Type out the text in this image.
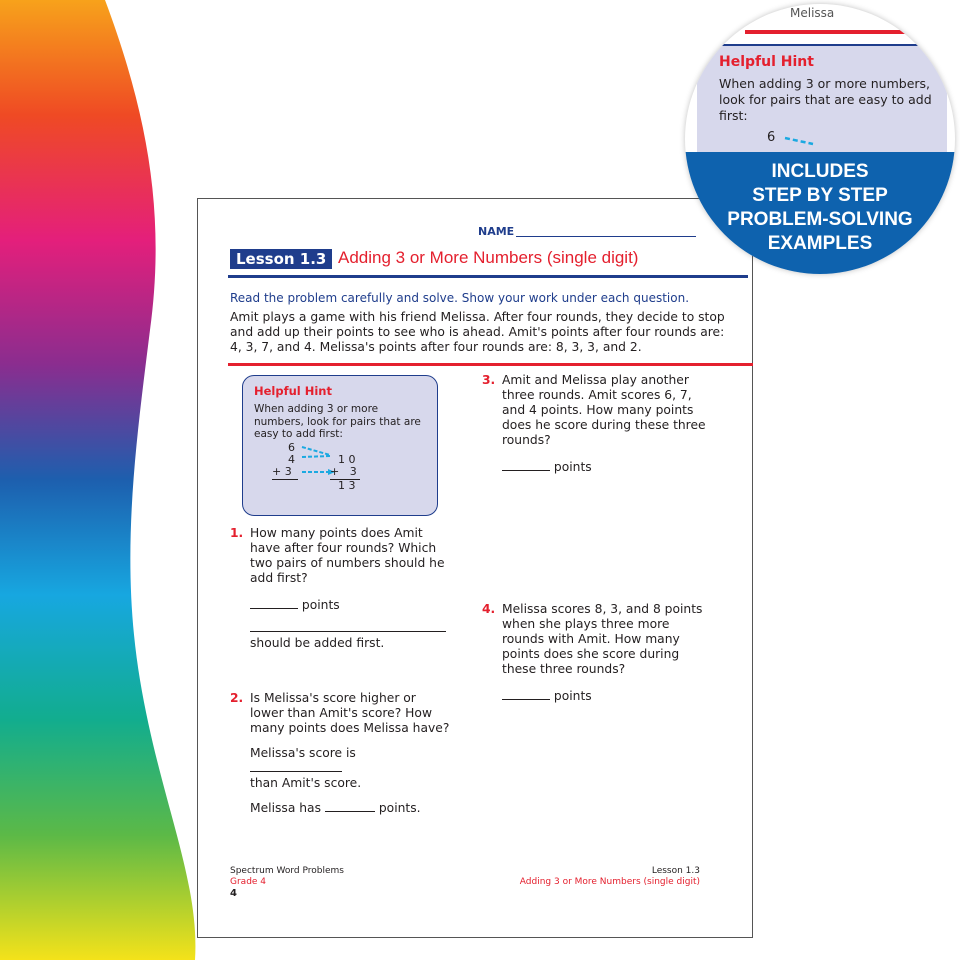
NAME
Lesson 1.3 Adding 3 or More Numbers (single digit)
Read the problem carefully and solve. Show your work under each question.
Amit plays a game with his friend Melissa. After four rounds, they decide to stop and add up their points to see who is ahead. Amit's points after four rounds are: 4, 3, 7, and 4. Melissa's points after four rounds are: 8, 3, 3, and 2.
Helpful Hint

When adding 3 or more numbers, look for pairs that are easy to add first:

6
4
+ 3
1 0
+   3
1 3
1. How many points does Amit have after four rounds? Which two pairs of numbers should he add first?
points
should be added first.
2. Is Melissa's score higher or lower than Amit's score? How many points does Melissa have?
Melissa's score is
than Amit's score.
Melissa has	points.
3. Amit and Melissa play another three rounds. Amit scores 6, 7, and 4 points. How many points does he score during these three rounds?
points
4. Melissa scores 8, 3, and 8 points when she plays three more rounds with Amit. How many points does she score during these three rounds?
points
Spectrum Word Problems
Grade 4
4
Lesson 1.3
Adding 3 or More Numbers (single digit)
Melissa
Helpful Hint
When adding 3 or more numbers, look for pairs that are easy to add first:
6
INCLUDES
STEP BY STEP
PROBLEM-SOLVING
EXAMPLES
